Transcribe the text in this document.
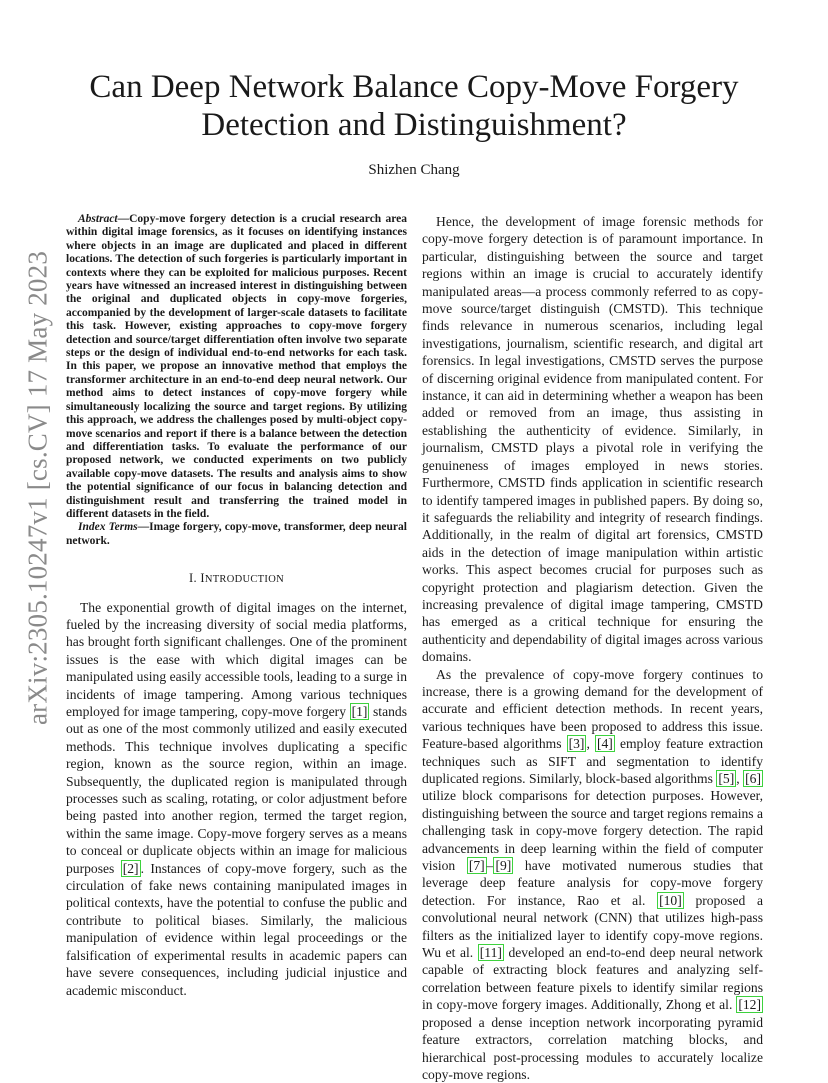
arXiv:2305.10247v1 [cs.CV] 17 May 2023
Can Deep Network Balance Copy-Move Forgery Detection and Distinguishment?
Shizhen Chang

Abstract—Copy-move forgery detection is a crucial research area within digital image forensics, as it focuses on identifying instances where objects in an image are duplicated and placed in different locations. The detection of such forgeries is particularly important in contexts where they can be exploited for malicious purposes. Recent years have witnessed an increased interest in distinguishing between the original and duplicated objects in copy-move forgeries, accompanied by the development of larger-scale datasets to facilitate this task. However, existing approaches to copy-move forgery detection and source/target differentiation often involve two separate steps or the design of individual end-to-end networks for each task. In this paper, we propose an innovative method that employs the transformer architecture in an end-to-end deep neural network. Our method aims to detect instances of copy-move forgery while simultaneously localizing the source and target regions. By utilizing this approach, we address the challenges posed by multi-object copy-move scenarios and report if there is a balance between the detection and differentiation tasks. To evaluate the performance of our proposed network, we conducted experiments on two publicly available copy-move datasets. The results and analysis aims to show the potential significance of our focus in balancing detection and distinguishment result and transferring the trained model in different datasets in the field.

Index Terms—Image forgery, copy-move, transformer, deep neural network.

I. INTRODUCTION

The exponential growth of digital images on the internet, fueled by the increasing diversity of social media platforms, has brought forth significant challenges. One of the prominent issues is the ease with which digital images can be manipulated using easily accessible tools, leading to a surge in incidents of image tampering. Among various techniques employed for image tampering, copy-move forgery [1] stands out as one of the most commonly utilized and easily executed methods. This technique involves duplicating a specific region, known as the source region, within an image. Subsequently, the duplicated region is manipulated through processes such as scaling, rotating, or color adjustment before being pasted into another region, termed the target region, within the same image. Copy-move forgery serves as a means to conceal or duplicate objects within an image for malicious purposes [2] . Instances of copy-move forgery, such as the circulation of fake news containing manipulated images in political contexts, have the potential to confuse the public and contribute to political biases. Similarly, the malicious manipulation of evidence within legal proceedings or the falsification of experimental results in academic papers can have severe consequences, including judicial injustice and academic misconduct.

Hence, the development of image forensic methods for copy-move forgery detection is of paramount importance. In particular, distinguishing between the source and target regions within an image is crucial to accurately identify manipulated areas—a process commonly referred to as copy-move source/target distinguish (CMSTD). This technique finds relevance in numerous scenarios, including legal investigations, journalism, scientific research, and digital art forensics. In legal investigations, CMSTD serves the purpose of discerning original evidence from manipulated content. For instance, it can aid in determining whether a weapon has been added or removed from an image, thus assisting in establishing the authenticity of evidence. Similarly, in journalism, CMSTD plays a pivotal role in verifying the genuineness of images employed in news stories. Furthermore, CMSTD finds application in scientific research to identify tampered images in published papers. By doing so, it safeguards the reliability and integrity of research findings. Additionally, in the realm of digital art forensics, CMSTD aids in the detection of image manipulation within artistic works. This aspect becomes crucial for purposes such as copyright protection and plagiarism detection. Given the increasing prevalence of digital image tampering, CMSTD has emerged as a critical technique for ensuring the authenticity and dependability of digital images across various domains.

As the prevalence of copy-move forgery continues to increase, there is a growing demand for the development of accurate and efficient detection methods. In recent years, various techniques have been proposed to address this issue. Feature-based algorithms [3] , [4] employ feature extraction techniques such as SIFT and segmentation to identify duplicated regions. Similarly, block-based algorithms [5] , [6] utilize block comparisons for detection purposes. However, distinguishing between the source and target regions remains a challenging task in copy-move forgery detection. The rapid advancements in deep learning within the field of computer vision [7] – [9] have motivated numerous studies that leverage deep feature analysis for copy-move forgery detection. For instance, Rao et al. [10] proposed a convolutional neural network (CNN) that utilizes high-pass filters as the initialized layer to identify copy-move regions. Wu et al. [11] developed an end-to-end deep neural network capable of extracting block features and analyzing self-correlation between feature pixels to identify similar regions in copy-move forgery images. Additionally, Zhong et al. [12] proposed a dense inception network incorporating pyramid feature extractors, correlation matching blocks, and hierarchical post-processing modules to accurately localize copy-move regions.
